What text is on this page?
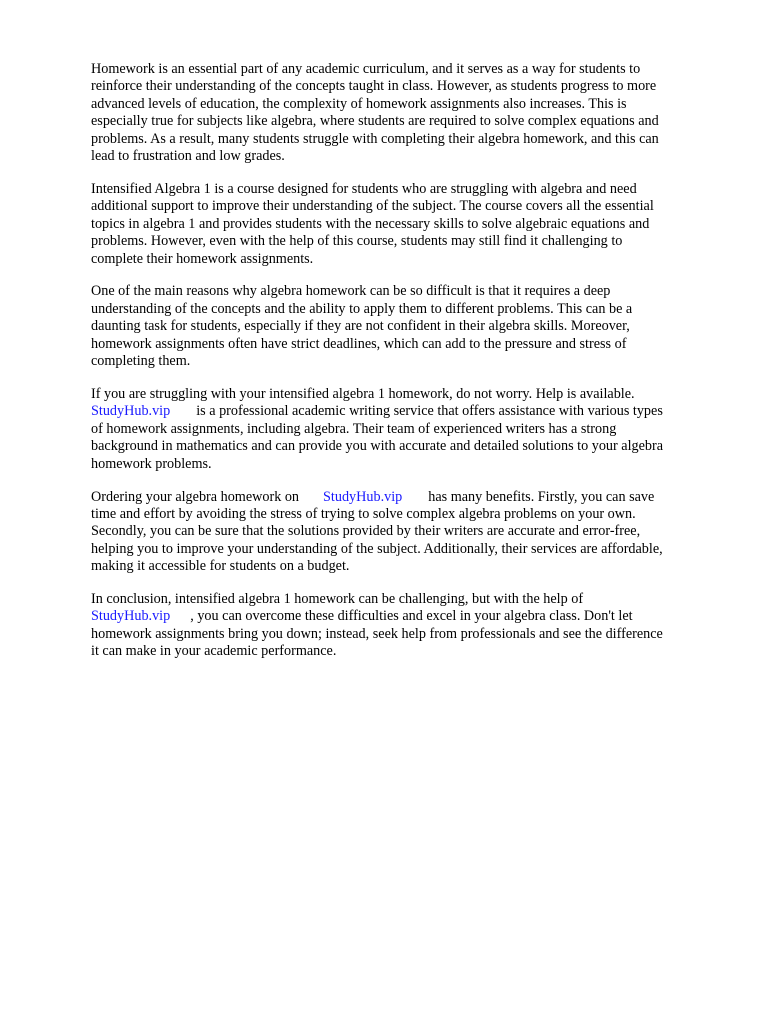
Homework is an essential part of any academic curriculum, and it serves as a way for students to
reinforce their understanding of the concepts taught in class. However, as students progress to more
advanced levels of education, the complexity of homework assignments also increases. This is
especially true for subjects like algebra, where students are required to solve complex equations and
problems. As a result, many students struggle with completing their algebra homework, and this can
lead to frustration and low grades.

Intensified Algebra 1 is a course designed for students who are struggling with algebra and need
additional support to improve their understanding of the subject. The course covers all the essential
topics in algebra 1 and provides students with the necessary skills to solve algebraic equations and
problems. However, even with the help of this course, students may still find it challenging to
complete their homework assignments.

One of the main reasons why algebra homework can be so difficult is that it requires a deep
understanding of the concepts and the ability to apply them to different problems. This can be a
daunting task for students, especially if they are not confident in their algebra skills. Moreover,
homework assignments often have strict deadlines, which can add to the pressure and stress of
completing them.

If you are struggling with your intensified algebra 1 homework, do not worry. Help is available.
StudyHub.vip is a professional academic writing service that offers assistance with various types
of homework assignments, including algebra. Their team of experienced writers has a strong
background in mathematics and can provide you with accurate and detailed solutions to your algebra
homework problems.

Ordering your algebra homework on StudyHub.vip has many benefits. Firstly, you can save
time and effort by avoiding the stress of trying to solve complex algebra problems on your own.
Secondly, you can be sure that the solutions provided by their writers are accurate and error-free,
helping you to improve your understanding of the subject. Additionally, their services are affordable,
making it accessible for students on a budget.

In conclusion, intensified algebra 1 homework can be challenging, but with the help of
StudyHub.vip , you can overcome these difficulties and excel in your algebra class. Don't let
homework assignments bring you down; instead, seek help from professionals and see the difference
it can make in your academic performance.
